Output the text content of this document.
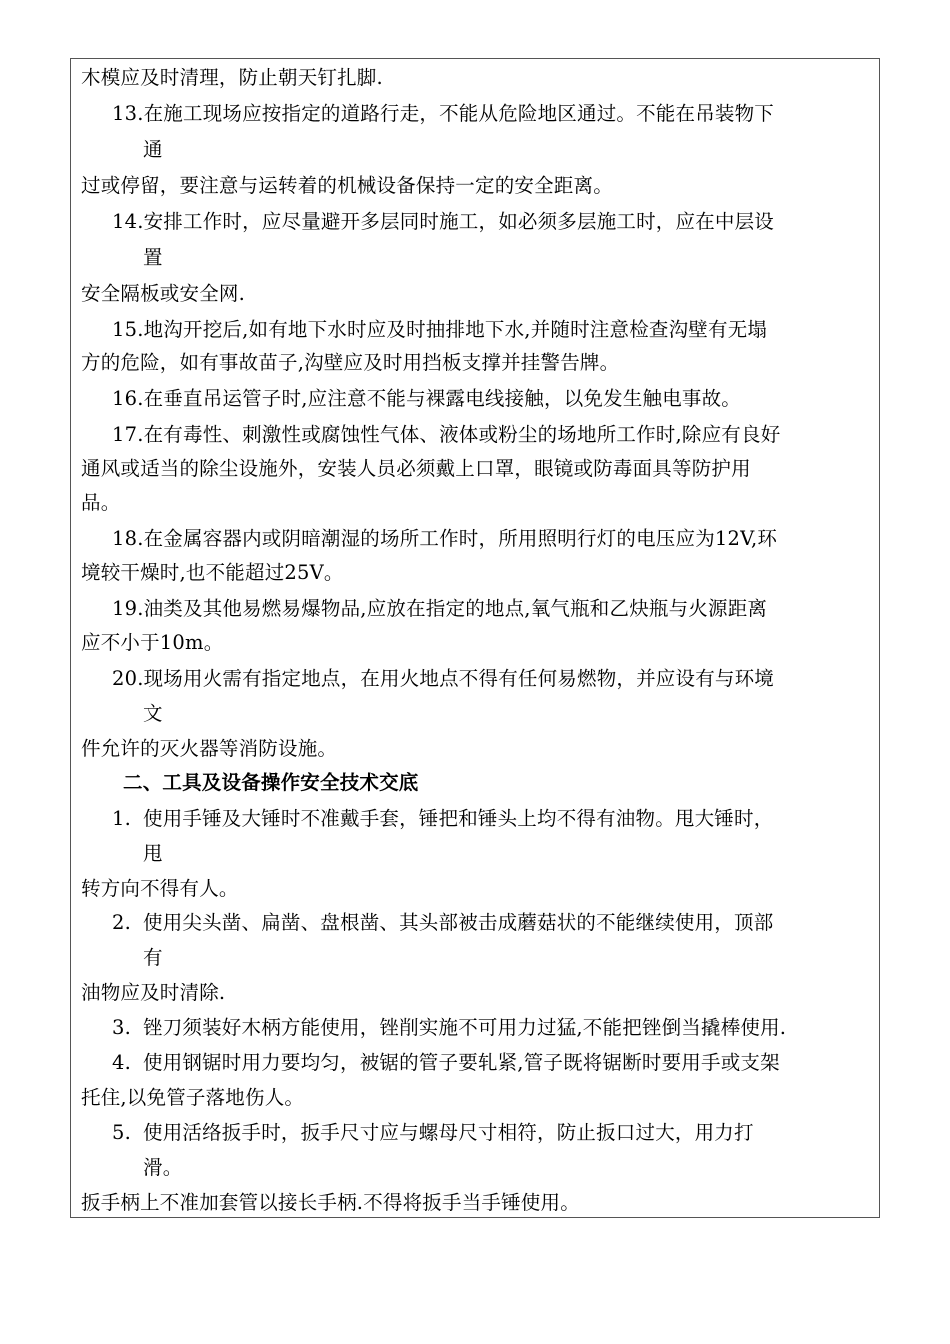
木模应及时清理，防止朝天钉扎脚.
13.在施工现场应按指定的道路行走，不能从危险地区通过。不能在吊装物下
通
过或停留，要注意与运转着的机械设备保持一定的安全距离。
14.安排工作时，应尽量避开多层同时施工，如必须多层施工时，应在中层设
置
安全隔板或安全网.
15.地沟开挖后,如有地下水时应及时抽排地下水,并随时注意检查沟壁有无塌
方的危险，如有事故苗子,沟壁应及时用挡板支撑并挂警告牌。
16.在垂直吊运管子时,应注意不能与裸露电线接触，以免发生触电事故。
17.在有毒性、刺激性或腐蚀性气体、液体或粉尘的场地所工作时,除应有良好
通风或适当的除尘设施外，安装人员必须戴上口罩，眼镜或防毒面具等防护用
品。
18.在金属容器内或阴暗潮湿的场所工作时，所用照明行灯的电压应为12V,环
境较干燥时,也不能超过25V。
19.油类及其他易燃易爆物品,应放在指定的地点,氧气瓶和乙炔瓶与火源距离
应不小于10m。
20.现场用火需有指定地点，在用火地点不得有任何易燃物，并应设有与环境
文
件允许的灭火器等消防设施。
二、工具及设备操作安全技术交底
1. 使用手锤及大锤时不准戴手套，锤把和锤头上均不得有油物。甩大锤时，
甩
转方向不得有人。
2. 使用尖头凿、扁凿、盘根凿、其头部被击成蘑菇状的不能继续使用，顶部
有
油物应及时清除.
3. 锉刀须装好木柄方能使用，锉削实施不可用力过猛,不能把锉倒当撬棒使用.
4. 使用钢锯时用力要均匀，被锯的管子要轧紧,管子既将锯断时要用手或支架
托住,以免管子落地伤人。
5. 使用活络扳手时，扳手尺寸应与螺母尺寸相符，防止扳口过大，用力打
滑。
扳手柄上不准加套管以接长手柄.不得将扳手当手锤使用。
